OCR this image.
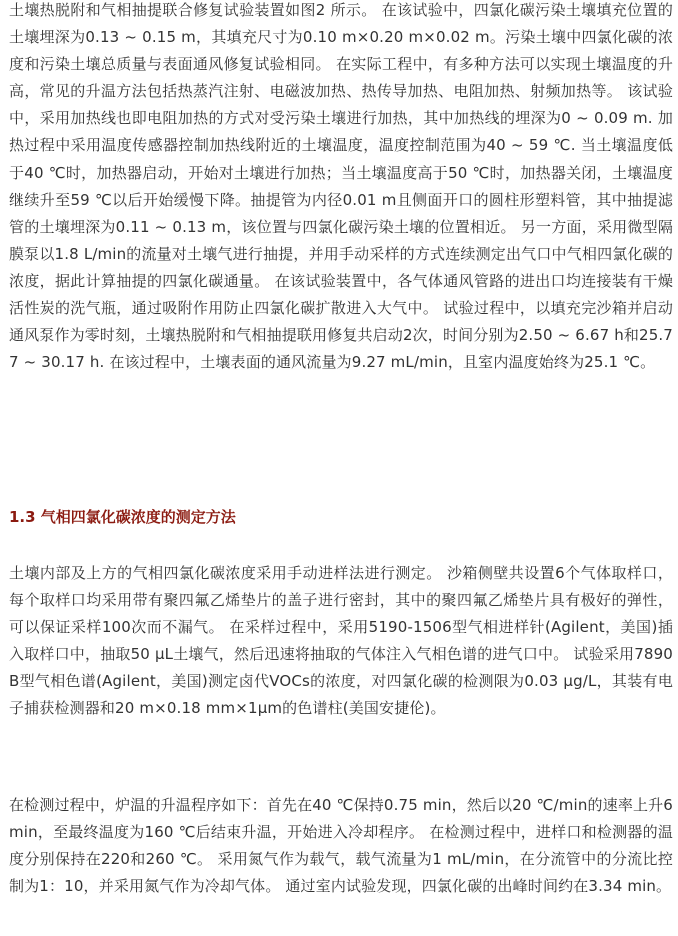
土壤热脱附和气相抽提联合修复试验装置如图2 所示。 在该试验中，四氯化碳污染土壤填充位置的土壤埋深为0.13 ~ 0.15 m，其填充尺寸为0.10 m×0.20 m×0.02 m。污染土壤中四氯化碳的浓度和污染土壤总质量与表面通风修复试验相同。 在实际工程中，有多种方法可以实现土壤温度的升高，常见的升温方法包括热蒸汽注射、电磁波加热、热传导加热、电阻加热、射频加热等。 该试验中，采用加热线也即电阻加热的方式对受污染土壤进行加热，其中加热线的埋深为0 ~ 0.09 m. 加热过程中采用温度传感器控制加热线附近的土壤温度，温度控制范围为40 ~ 59 ℃. 当土壤温度低于40 ℃时，加热器启动，开始对土壤进行加热；当土壤温度高于50 ℃时，加热器关闭，土壤温度继续升至59 ℃以后开始缓慢下降。抽提管为内径0.01 m且侧面开口的圆柱形塑料管，其中抽提滤管的土壤埋深为0.11 ~ 0.13 m，该位置与四氯化碳污染土壤的位置相近。 另一方面，采用微型隔膜泵以1.8 L/min的流量对土壤气进行抽提，并用手动采样的方式连续测定出气口中气相四氯化碳的浓度，据此计算抽提的四氯化碳通量。 在该试验装置中，各气体通风管路的进出口均连接装有干燥活性炭的洗气瓶，通过吸附作用防止四氯化碳扩散进入大气中。 试验过程中，以填充完沙箱并启动通风泵作为零时刻，土壤热脱附和气相抽提联用修复共启动2次，时间分别为2.50 ~ 6.67 h和25.77 ~ 30.17 h. 在该过程中，土壤表面的通风流量为9.27 mL/min，且室内温度始终为25.1 ℃。

1.3 气相四氯化碳浓度的测定方法

土壤内部及上方的气相四氯化碳浓度采用手动进样法进行测定。 沙箱侧壁共设置6个气体取样口，每个取样口均采用带有聚四氟乙烯垫片的盖子进行密封，其中的聚四氟乙烯垫片具有极好的弹性，可以保证采样100次而不漏气。 在采样过程中，采用5190-1506型气相进样针(Agilent，美国)插入取样口中，抽取50 μL土壤气，然后迅速将抽取的气体注入气相色谱的进气口中。 试验采用7890B型气相色谱(Agilent，美国)测定卤代VOCs的浓度，对四氯化碳的检测限为0.03 μg/L，其装有电子捕获检测器和20 m×0.18 mm×1μm的色谱柱(美国安捷伦)。

在检测过程中，炉温的升温程序如下：首先在40 ℃保持0.75 min，然后以20 ℃/min的速率上升6 min，至最终温度为160 ℃后结束升温，开始进入冷却程序。 在检测过程中，进样口和检测器的温度分别保持在220和260 ℃。 采用氮气作为载气，载气流量为1 mL/min，在分流管中的分流比控制为1：10，并采用氮气作为冷却气体。 通过室内试验发现，四氯化碳的出峰时间约在3.34 min。
